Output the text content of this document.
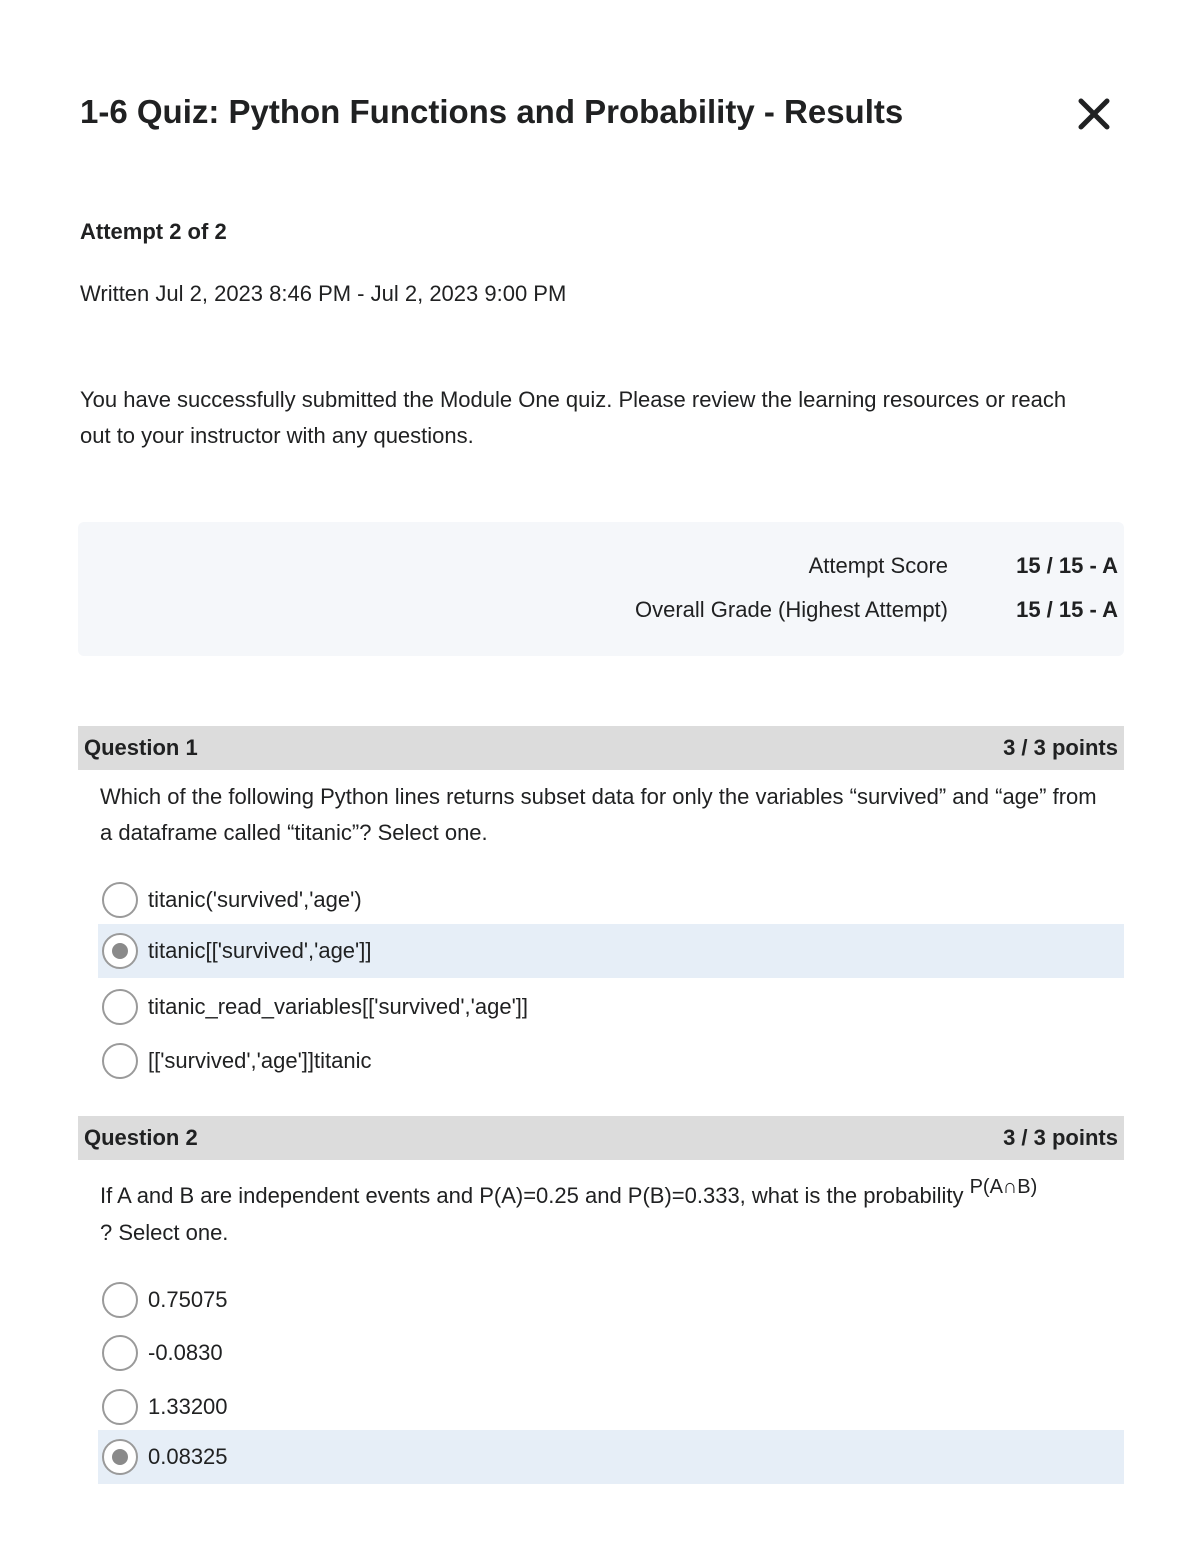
1-6 Quiz: Python Functions and Probability - Results
Attempt 2 of 2
Written Jul 2, 2023 8:46 PM - Jul 2, 2023 9:00 PM
You have successfully submitted the Module One quiz. Please review the learning resources or reach out to your instructor with any questions.
Attempt Score	15 / 15 - A
Overall Grade (Highest Attempt)	15 / 15 - A
Question 1	3 / 3 points
Which of the following Python lines returns subset data for only the variables “survived” and “age” from a dataframe called “titanic”? Select one.
titanic('survived','age')
titanic[['survived','age']]
titanic_read_variables[['survived','age']]
[['survived','age']]titanic
Question 2	3 / 3 points
If A and B are independent events and P(A)=0.25 and P(B)=0.333, what is the probability P(A∩B)
? Select one.
0.75075
-0.0830
1.33200
0.08325
